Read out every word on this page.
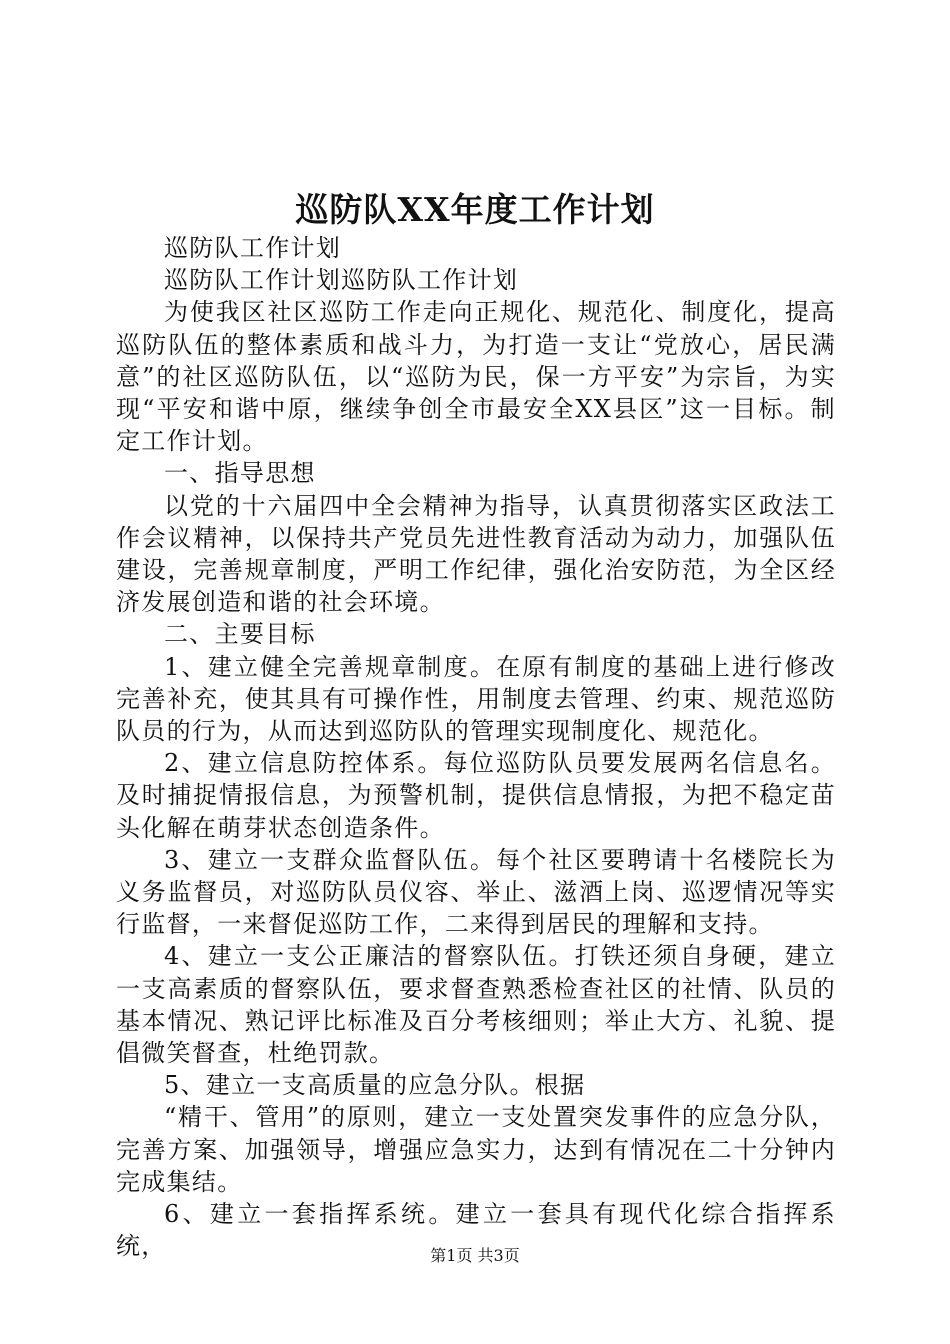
巡防队XX年度工作计划

巡防队工作计划

巡防队工作计划巡防队工作计划

为使我区社区巡防工作走向正规化、规范化、制度化，提高巡防队伍的整体素质和战斗力，为打造一支让“党放心，居民满意”的社区巡防队伍，以“巡防为民，保一方平安”为宗旨，为实现“平安和谐中原，继续争创全市最安全XX县区”这一目标。制定工作计划。

一、指导思想

以党的十六届四中全会精神为指导，认真贯彻落实区政法工作会议精神，以保持共产党员先进性教育活动为动力，加强队伍建设，完善规章制度，严明工作纪律，强化治安防范，为全区经济发展创造和谐的社会环境。

二、主要目标

1、建立健全完善规章制度。在原有制度的基础上进行修改完善补充，使其具有可操作性，用制度去管理、约束、规范巡防队员的行为，从而达到巡防队的管理实现制度化、规范化。

2、建立信息防控体系。每位巡防队员要发展两名信息名。及时捕捉情报信息，为预警机制，提供信息情报，为把不稳定苗头化解在萌芽状态创造条件。

3、建立一支群众监督队伍。每个社区要聘请十名楼院长为义务监督员，对巡防队员仪容、举止、滋酒上岗、巡逻情况等实行监督，一来督促巡防工作，二来得到居民的理解和支持。

4、建立一支公正廉洁的督察队伍。打铁还须自身硬，建立一支高素质的督察队伍，要求督查熟悉检查社区的社情、队员的基本情况、熟记评比标准及百分考核细则；举止大方、礼貌、提倡微笑督查，杜绝罚款。

5、建立一支高质量的应急分队。根据

“精干、管用”的原则，建立一支处置突发事件的应急分队，完善方案、加强领导，增强应急实力，达到有情况在二十分钟内完成集结。

6、建立一套指挥系统。建立一套具有现代化综合指挥系统，	第1页 共3页
